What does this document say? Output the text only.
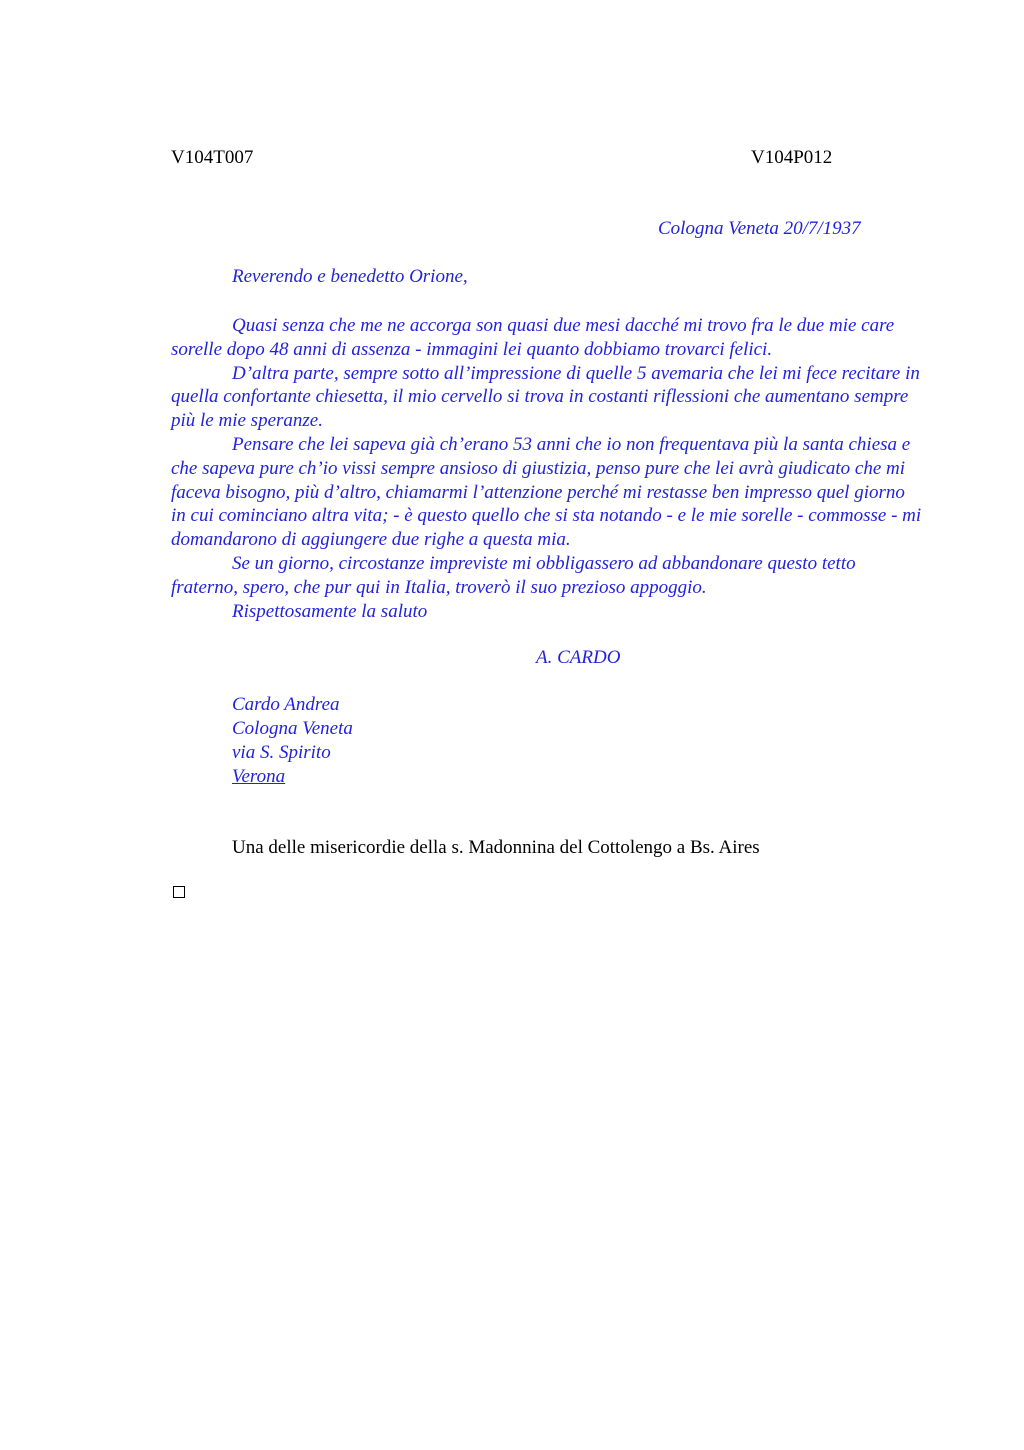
V104T007	V104P012
Cologna Veneta 20/7/1937
Reverendo e benedetto Orione,

Quasi senza che me ne accorga son quasi due mesi dacché mi trovo fra le due mie care sorelle dopo 48 anni di assenza - immagini lei quanto dobbiamo trovarci felici.

D’altra parte, sempre sotto all’impressione di quelle 5 avemaria che lei mi fece recitare in quella confortante chiesetta, il mio cervello si trova in costanti riflessioni che aumentano sempre più le mie speranze.

Pensare che lei sapeva già ch’erano 53 anni che io non frequentava più la santa chiesa e che sapeva pure ch’io vissi sempre ansioso di giustizia, penso pure che lei avrà giudicato che mi faceva bisogno, più d’altro, chiamarmi l’attenzione perché mi restasse ben impresso quel giorno in cui cominciano altra vita; - è questo quello che si sta notando - e le mie sorelle - commosse - mi domandarono di aggiungere due righe a questa mia.

Se un giorno, circostanze impreviste mi obbligassero ad abbandonare questo tetto fraterno, spero, che pur qui in Italia, troverò il suo prezioso appoggio.

Rispettosamente la saluto

A. CARDO
Cardo Andrea
Cologna Veneta
via S. Spirito
Verona
Una delle misericordie della s. Madonnina del Cottolengo a Bs. Aires
